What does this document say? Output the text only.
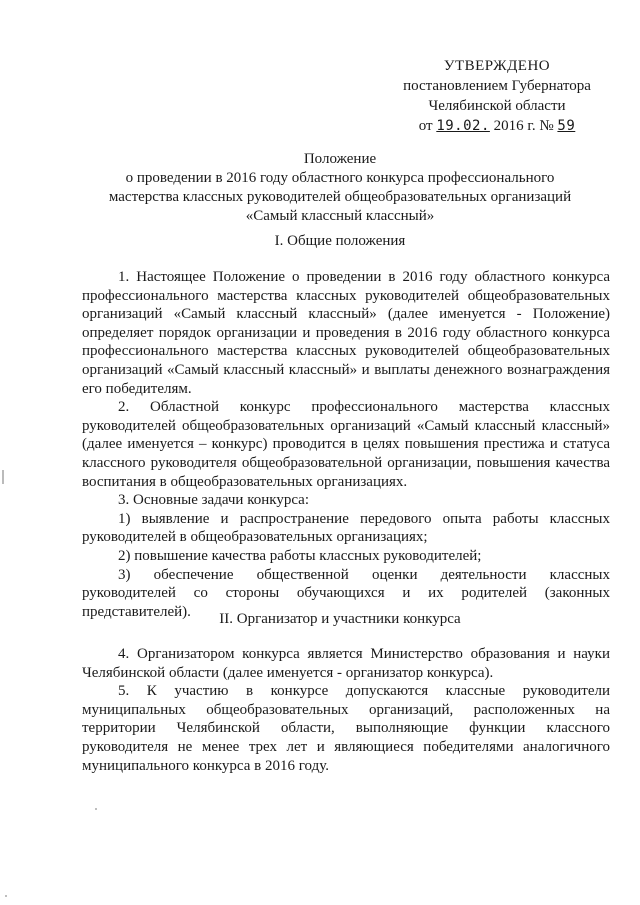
УТВЕРЖДЕНО
постановлением Губернатора
Челябинской области
от 19.02. 2016 г. № 59
Положение
о проведении в 2016 году областного конкурса профессионального
мастерства классных руководителей общеобразовательных организаций
«Самый классный классный»
I. Общие положения

1. Настоящее Положение о проведении в 2016 году областного конкурса профессионального мастерства классных руководителей общеобразовательных организаций «Самый классный классный» (далее именуется - Положение) определяет порядок организации и проведения в 2016 году областного конкурса профессионального мастерства классных руководителей общеобразовательных организаций «Самый классный классный» и выплаты денежного вознаграждения его победителям.

2. Областной конкурс профессионального мастерства классных руководителей общеобразовательных организаций «Самый классный классный» (далее именуется – конкурс) проводится в целях повышения престижа и статуса классного руководителя общеобразовательной организации, повышения качества воспитания в общеобразовательных организациях.

3. Основные задачи конкурса:

1) выявление и распространение передового опыта работы классных руководителей в общеобразовательных организациях;

2) повышение качества работы классных руководителей;

3) обеспечение общественной оценки деятельности классных руководителей со стороны обучающихся и их родителей (законных представителей).	II. Организатор и участники конкурса

4. Организатором конкурса является Министерство образования и науки Челябинской области (далее именуется - организатор конкурса).

5. К участию в конкурсе допускаются классные руководители муниципальных общеобразовательных организаций, расположенных на территории Челябинской области, выполняющие функции классного руководителя не менее трех лет и являющиеся победителями аналогичного муниципального конкурса в 2016 году.
